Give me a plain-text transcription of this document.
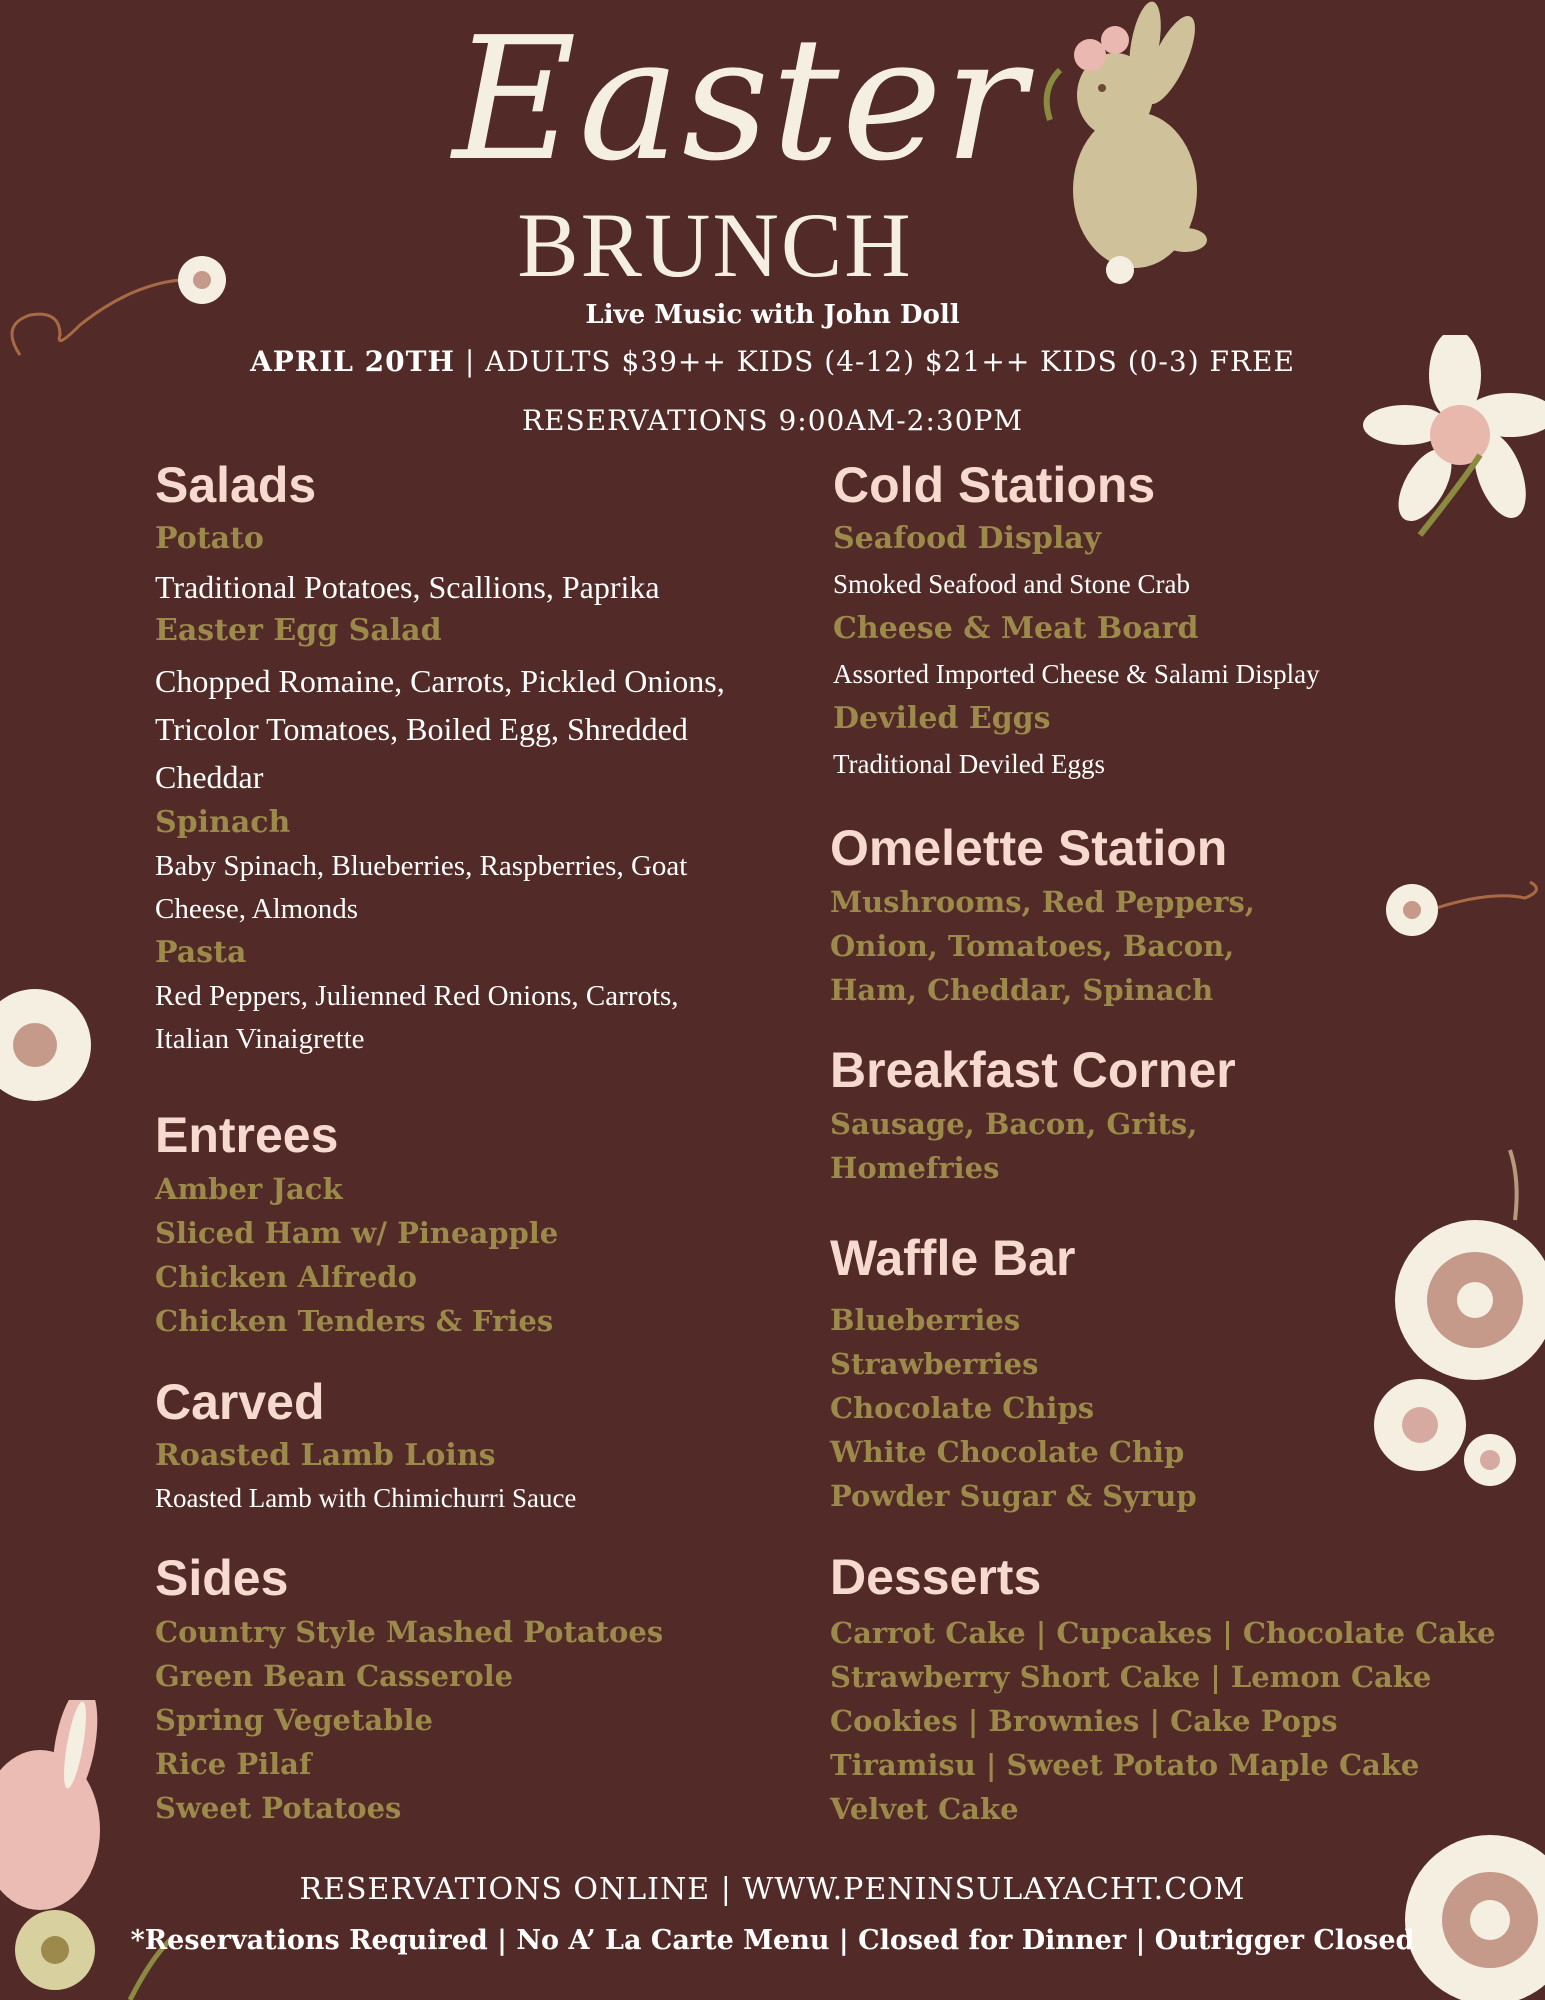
Easter
BRUNCH
Live Music with John Doll
APRIL 20TH | ADULTS $39++ KIDS (4-12) $21++ KIDS (0-3) FREE
RESERVATIONS 9:00AM-2:30PM
Salads

Potato

Traditional Potatoes, Scallions, Paprika

Easter Egg Salad

Chopped Romaine, Carrots, Pickled Onions, Tricolor Tomatoes, Boiled Egg, Shredded Cheddar

Spinach

Baby Spinach, Blueberries, Raspberries, Goat Cheese, Almonds

Pasta

Red Peppers, Julienned Red Onions, Carrots, Italian Vinaigrette

Entrees
Amber Jack
Sliced Ham w/ Pineapple
Chicken Alfredo
Chicken Tenders & Fries
Carved

Roasted Lamb Loins

Roasted Lamb with Chimichurri Sauce

Sides
Country Style Mashed Potatoes
Green Bean Casserole
Spring Vegetable
Rice Pilaf
Sweet Potatoes
Cold Stations

Seafood Display

Smoked Seafood and Stone Crab

Cheese & Meat Board

Assorted Imported Cheese & Salami Display

Deviled Eggs

Traditional Deviled Eggs

Omelette Station
Mushrooms, Red Peppers,
Onion, Tomatoes, Bacon,
Ham, Cheddar, Spinach
Breakfast Corner
Sausage, Bacon, Grits,
Homefries
Waffle Bar
Blueberries
Strawberries
Chocolate Chips
White Chocolate Chip
Powder Sugar & Syrup
Desserts
Carrot Cake | Cupcakes | Chocolate Cake
Strawberry Short Cake | Lemon Cake
Cookies | Brownies | Cake Pops
Tiramisu | Sweet Potato Maple Cake
Velvet Cake
RESERVATIONS ONLINE | WWW.PENINSULAYACHT.COM
*Reservations Required | No A’ La Carte Menu | Closed for Dinner | Outrigger Closed
